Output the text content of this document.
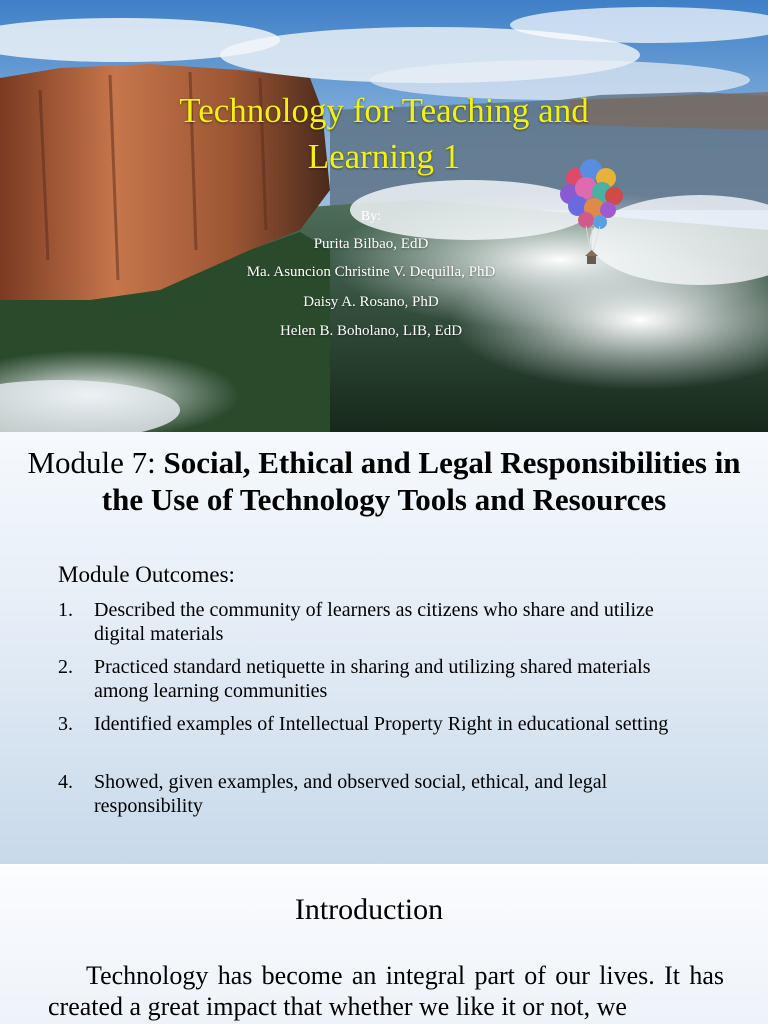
Technology for Teaching and
Learning 1
By:
Purita Bilbao, EdD
Ma. Asuncion Christine V. Dequilla, PhD
Daisy A. Rosano, PhD
Helen B. Boholano, LIB, EdD
Module 7: Social, Ethical and Legal Responsibilities in the Use of Technology Tools and Resources
Module Outcomes:
1. Described the community of learners as citizens who share and utilize digital materials
2. Practiced standard netiquette in sharing and utilizing shared materials among learning communities
3. Identified examples of Intellectual Property Right in educational setting
4. Showed, given examples, and observed social, ethical, and legal responsibility
Introduction
Technology has become an integral part of our lives. It has created a great impact that whether we like it or not, we
